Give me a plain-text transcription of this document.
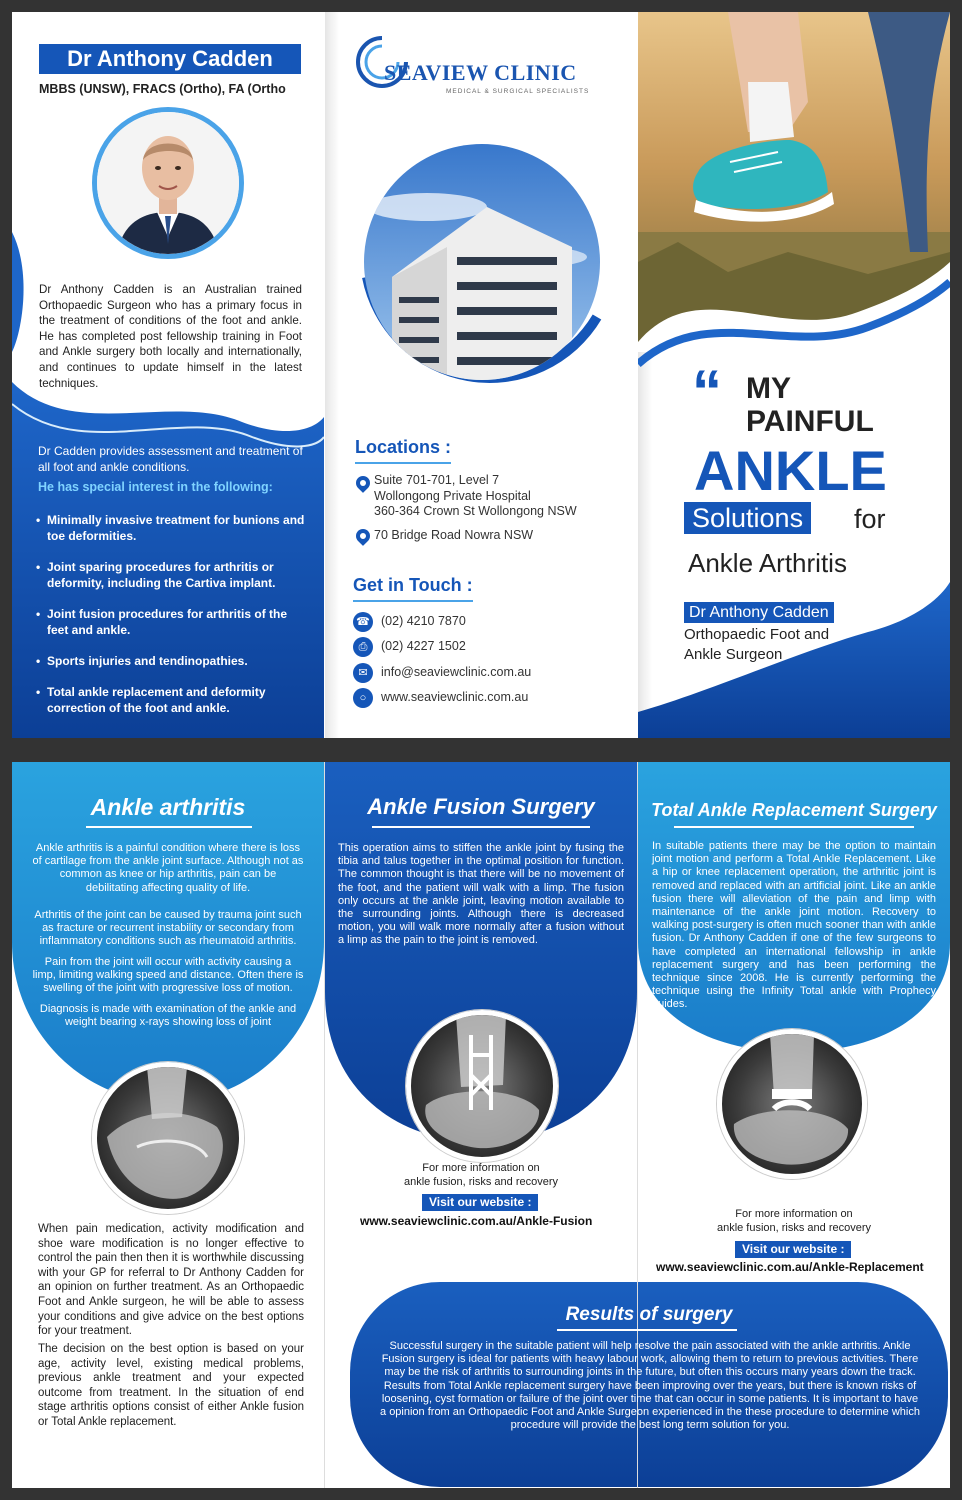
Dr Anthony Cadden
MBBS (UNSW), FRACS (Ortho), FA (Ortho
Dr Anthony Cadden is an Australian trained Orthopaedic Surgeon who has a primary focus in the treatment of conditions of the foot and ankle. He has completed post fellowship training in Foot and Ankle surgery both locally and internationally, and continues to update himself in the latest techniques.
Dr Cadden provides assessment and treatment of all foot and ankle conditions.
He has special interest in the following:
• Minimally invasive treatment for bunions and toe deformities.
• Joint sparing procedures for arthritis or deformity, including the Cartiva implant.
• Joint fusion procedures for arthritis of the feet and ankle.
• Sports injuries and tendinopathies.
• Total ankle replacement and deformity correction of the foot and ankle.
SEAVIEW CLINIC
MEDICAL & SURGICAL SPECIALISTS
Locations :
Suite 701-701, Level 7
Wollongong Private Hospital
360-364 Crown St Wollongong NSW
70 Bridge Road Nowra NSW
Get in Touch :
☎ (02) 4210 7870
⎙	(02) 4227 1502
✉	info@seaviewclinic.com.au
○	www.seaviewclinic.com.au
“ MY
PAINFUL
ANKLE
Solutions for
Ankle Arthritis
Dr Anthony Cadden
Orthopaedic Foot and
Ankle Surgeon
Ankle arthritis
Ankle arthritis is a painful condition where there is loss of cartilage from the ankle joint surface. Although not as common as knee or hip arthritis, pain can be debilitating affecting quality of life.
Arthritis of the joint can be caused by trauma joint such as fracture or recurrent instability or secondary from inflammatory conditions such as rheumatoid arthritis.
Pain from the joint will occur with activity causing a limp, limiting walking speed and distance. Often there is swelling of the joint with progressive loss of motion.
Diagnosis is made with examination of the ankle and weight bearing x-rays showing loss of joint
When pain medication, activity modification and shoe ware modification is no longer effective to control the pain then then it is worthwhile discussing with your GP for referral to Dr Anthony Cadden for an opinion on further treatment. As an Orthopaedic Foot and Ankle surgeon, he will be able to assess your conditions and give advice on the best options for your treatment.
The decision on the best option is based on your age, activity level, existing medical problems, previous ankle treatment and your expected outcome from treatment. In the situation of end stage arthritis options consist of either Ankle fusion or Total Ankle replacement.
Ankle Fusion Surgery
This operation aims to stiffen the ankle joint by fusing the tibia and talus together in the optimal position for function. The common thought is that there will be no movement of the foot, and the patient will walk with a limp. The fusion only occurs at the ankle joint, leaving motion available to the surrounding joints. Although there is decreased motion, you will walk more normally after a fusion without a limp as the pain to the joint is removed.
For more information on
ankle fusion, risks and recovery
Visit our website :
www.seaviewclinic.com.au/Ankle-Fusion
Total Ankle Replacement Surgery
In suitable patients there may be the option to maintain joint motion and perform a Total Ankle Replacement. Like a hip or knee replacement operation, the arthritic joint is removed and replaced with an artificial joint. Like an ankle fusion there will alleviation of the pain and limp with maintenance of the ankle joint motion. Recovery to walking post-surgery is often much sooner than with ankle fusion. Dr Anthony Cadden if one of the few surgeons to have completed an international fellowship in ankle replacement surgery and has been performing the technique since 2008. He is currently performing the technique using the Infinity Total ankle with Prophecy guides.
For more information on
ankle fusion, risks and recovery
Visit our website :
www.seaviewclinic.com.au/Ankle-Replacement
Results of surgery
Successful surgery in the suitable patient will help resolve the pain associated with the ankle arthritis. Ankle Fusion surgery is ideal for patients with heavy labour work, allowing them to return to previous activities. There may be the risk of arthritis to surrounding joints in the future, but often this occurs many years down the track. Results from Total Ankle replacement surgery have been improving over the years, but there is known risks of loosening, cyst formation or failure of the joint over time that can occur in some patients. It is important to have a opinion from an Orthopaedic Foot and Ankle Surgeon experienced in the these procedure to determine which procedure will provide the best long term solution for you.
